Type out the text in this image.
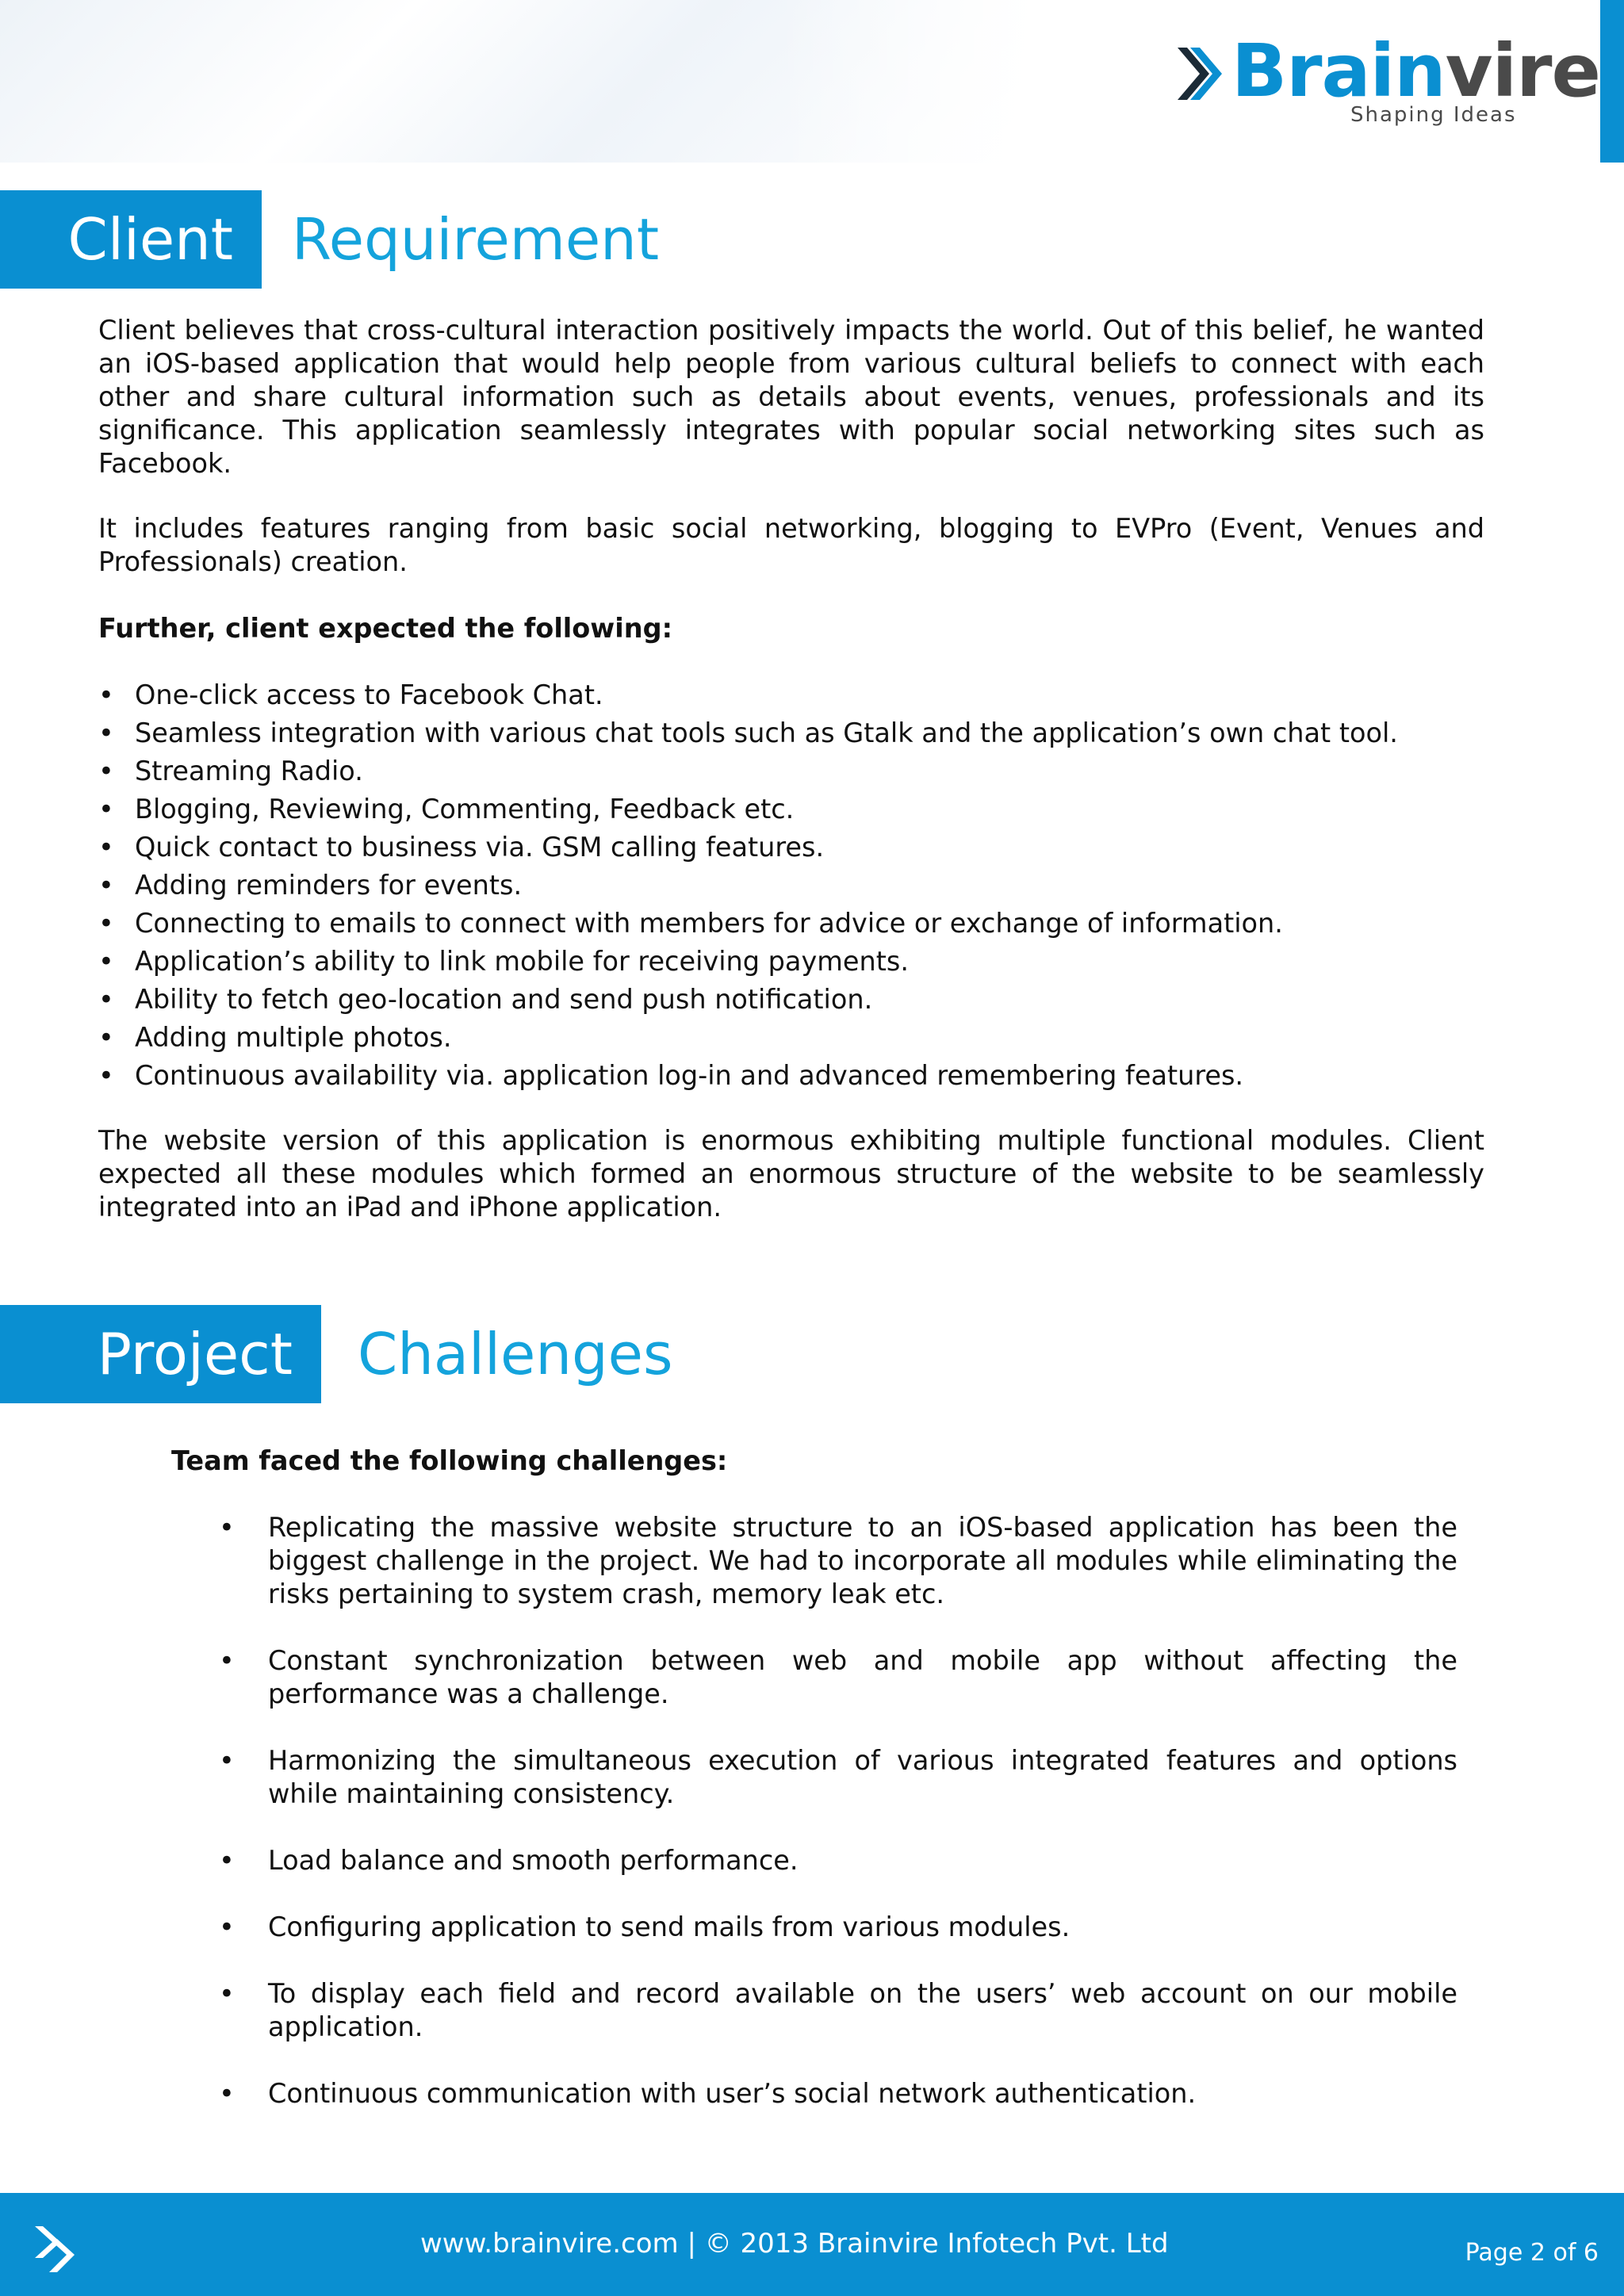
Brainvire
Shaping Ideas
Client	Requirement

Client believes that cross-cultural interaction positively impacts the world. Out of this belief, he wanted an iOS-based application that would help people from various cultural beliefs to connect with each other and share cultural information such as details about events, venues, professionals and its significance. This application seamlessly integrates with popular social networking sites such as Facebook.

It includes features ranging from basic social networking, blogging to EVPro (Event, Venues and Professionals) creation.

Further, client expected the following:

• One-click access to Facebook Chat.
• Seamless integration with various chat tools such as Gtalk and the application’s own chat tool.
• Streaming Radio.
• Blogging, Reviewing, Commenting, Feedback etc.
• Quick contact to business via. GSM calling features.
• Adding reminders for events.
• Connecting to emails to connect with members for advice or exchange of information.
• Application’s ability to link mobile for receiving payments.
• Ability to fetch geo-location and send push notification.
• Adding multiple photos.
• Continuous availability via. application log-in and advanced remembering features.

The website version of this application is enormous exhibiting multiple functional modules. Client expected all these modules which formed an enormous structure of the website to be seamlessly integrated into an iPad and iPhone application.

Project	Challenges

Team faced the following challenges:

• Replicating the massive website structure to an iOS-based application has been the biggest challenge in the project. We had to incorporate all modules while eliminating the risks pertaining to system crash, memory leak etc.
• Constant synchronization between web and mobile app without affecting the performance was a challenge.
• Harmonizing the simultaneous execution of various integrated features and options while maintaining consistency.
• Load balance and smooth performance.
• Configuring application to send mails from various modules.
• To display each field and record available on the users’ web account on our mobile application.
• Continuous communication with user’s social network authentication.
www.brainvire.com | © 2013 Brainvire Infotech Pvt. Ltd	Page 2 of 6
